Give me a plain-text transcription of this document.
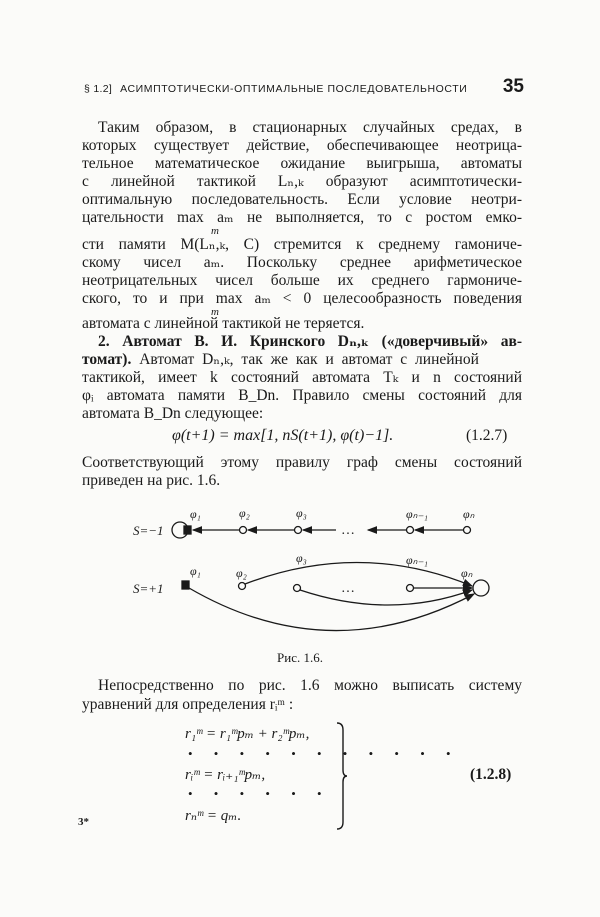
§ 1.2] АСИМПТОТИЧЕСКИ-ОПТИМАЛЬНЫЕ ПОСЛЕДОВАТЕЛЬНОСТИ	35
Таким образом, в стационарных случайных средах, в
которых существует действие, обеспечивающее неотрица-
тельное математическое ожидание выигрыша, автоматы
с линейной тактикой Lₙ,ₖ образуют асимптотически-
оптимальную последовательность. Если условие неотри-
цательности max aₘ не выполняется, то с ростом емко-
m
сти памяти M(Lₙ,ₖ, C) стремится к среднему гамониче-
скому чисел aₘ. Поскольку среднее арифметическое
неотрицательных чисел больше их среднего гармониче-
ского, то и при max aₘ < 0 целесообразность поведения
m
автомата с линейной тактикой не теряется.
2. Автомат В. И. Кринского Dₙ,ₖ («доверчивый» ав-
томат). Автомат Dₙ,ₖ, так же как и автомат с линейной
тактикой, имеет k состояний автомата Tₖ и n состояний
φᵢ автомата памяти B_Dn. Правило смены состояний для
автомата B_Dn следующее:
φ(t+1) = max[1, nS(t+1), φ(t)−1].	(1.2.7)
Соответствующий этому правилу граф смены состояний
приведен на рис. 1.6.
S=−1	…
φ₁	φ₂	φ₃	φₙ₋₁	φₙ
S=+1	…
φ₁	φ₂
φ₃	φₙ₋₁
φₙ
Рис. 1.6.
Непосредственно по рис. 1.6 можно выписать систему
уравнений для определения rᵢᵐ :
r₁ᵐ = r₁ᵐpₘ + r₂ᵐpₘ,
• • • • • • • • • • •
rᵢᵐ = rᵢ₊₁ᵐpₘ,
• • • • • •
rₙᵐ = qₘ.
(1.2.8)
3*
